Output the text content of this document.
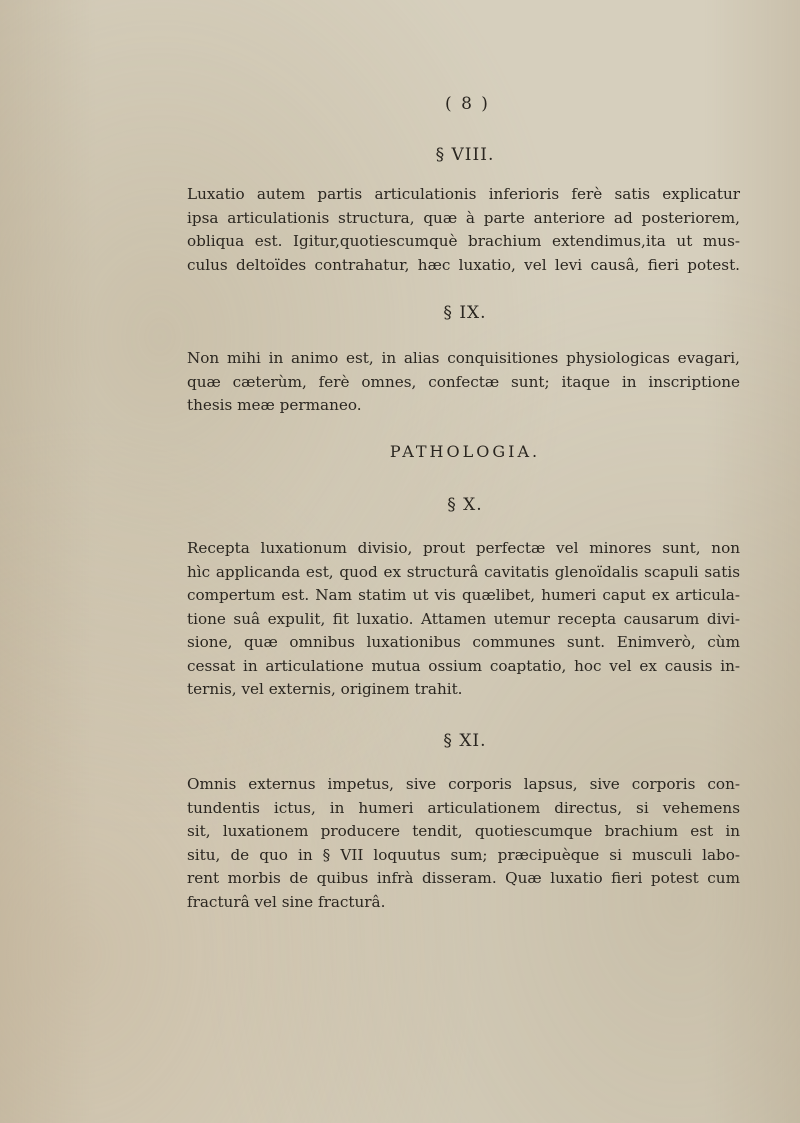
( 8 )
§ VIII.
Luxatio autem partis articulationis inferioris ferè satis explicatur
ipsa articulationis structura, quæ à parte anteriore ad posteriorem,
obliqua est. Igitur,quotiescumquè brachium extendimus,ita ut mus-
culus deltoïdes contrahatur, hæc luxatio, vel levi causâ, fieri potest.
§ IX.
Non mihi in animo est, in alias conquisitiones physiologicas evagari,
quæ cæterùm, ferè omnes, confectæ sunt; itaque in inscriptione
thesis meæ permaneo.
PATHOLOGIA.
§ X.
Recepta luxationum divisio, prout perfectæ vel minores sunt, non
hìc applicanda est, quod ex structurâ cavitatis glenoïdalis scapuli satis
compertum est. Nam statim ut vis quælibet, humeri caput ex articula-
tione suâ expulit, fit luxatio. Attamen utemur recepta causarum divi-
sione, quæ omnibus luxationibus communes sunt. Enimverò, cùm
cessat in articulatione mutua ossium coaptatio, hoc vel ex causis in-
ternis, vel externis, originem trahit.
§ XI.
Omnis externus impetus, sive corporis lapsus, sive corporis con-
tundentis ictus, in humeri articulationem directus, si vehemens
sit, luxationem producere tendit, quotiescumque brachium est in
situ, de quo in § VII loquutus sum; præcipuèque si musculi labo-
rent morbis de quibus infrà disseram. Quæ luxatio fieri potest cum
fracturâ vel sine fracturâ.
